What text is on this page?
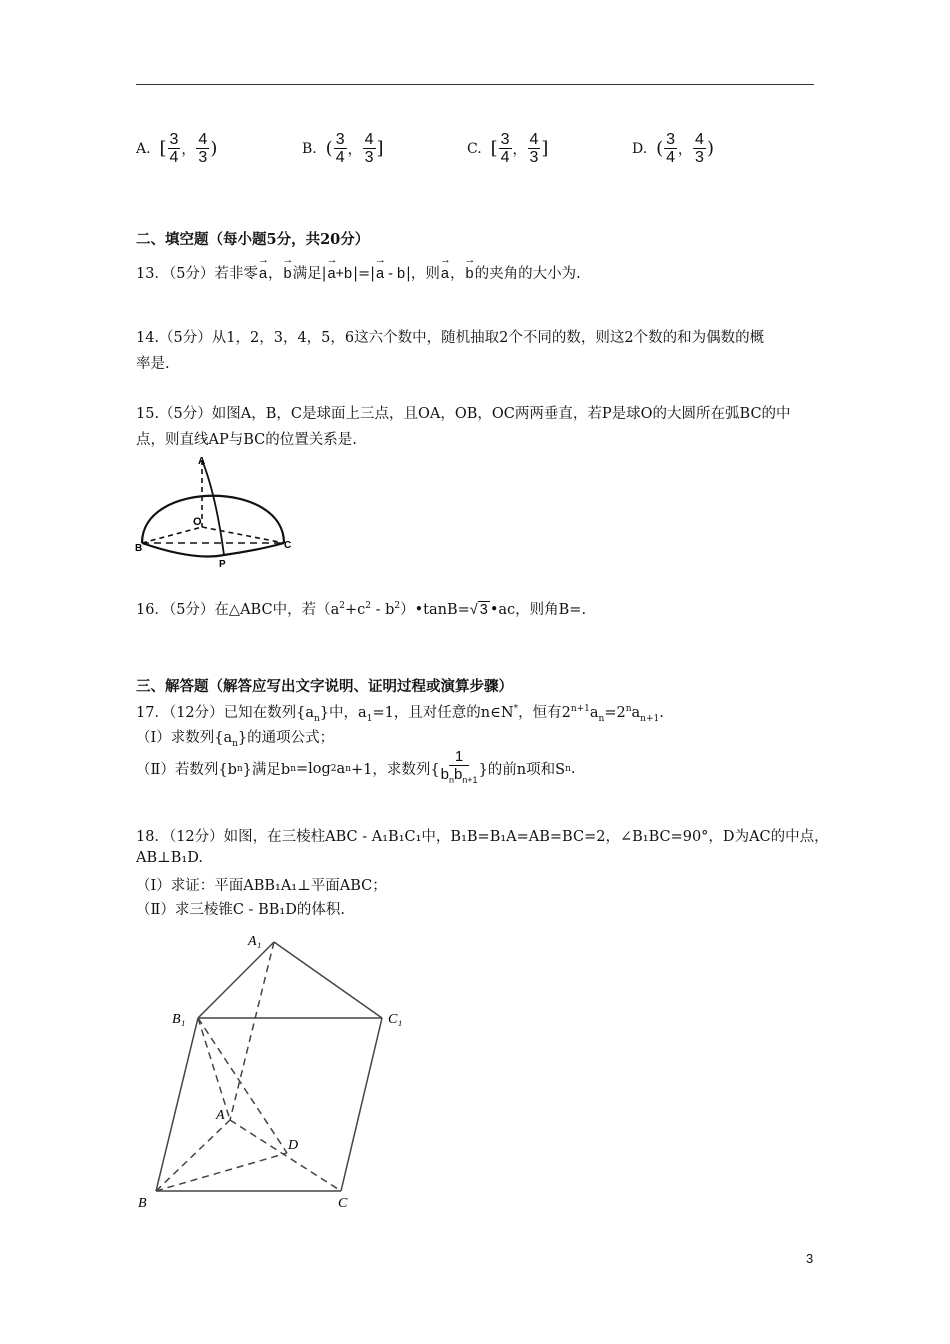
A.
[ $\frac{3}{4}$ ， $\frac{4}{3}$ )	B.
( $\frac{3}{4}$ ， $\frac{4}{3}$ ]	C.
[ $\frac{3}{4}$ ， $\frac{4}{3}$ ]	D.
( $\frac{3}{4}$ ， $\frac{4}{3}$ )
二、填空题（每小题5分，共20分）
13．（5分）若非零→ a，→ b满足|→ a+b|=|→ a - b|，则→ a，→ b的夹角的大小为.
14.（5分）从1，2，3，4，5，6这六个数中，随机抽取2个不同的数，则这2个数的和为偶数的概
率是.
15.（5分）如图A，B，C是球面上三点，且OA，OB，OC两两垂直，若P是球O的大圆所在弧BC的中
点，则直线AP与BC的位置关系是.
A
O
B	C
P
16．（5分）在△ABC中，若（$a^2+c^2$ - $b^2)•\tan B=√$ 3 •ac，则角B=.
三、解答题（解答应写出文字说明、证明过程或演算步骤）
17．（12分）已知在数列$\{a_n\}$中，$a_1=1$，且对任意的n∈N*，恒有$2^{n+1}a_n=2^na_{n+1}$.
（Ⅰ）求数列$\{a_n\}$的通项公式；
（Ⅱ）若数列{b n }满足b n =log 2 a n +1，求数列{ $\frac{1}{b_nb_{n+1}}$ }的前n项和S n .
18．（12分）如图，在三棱柱ABC - A₁B₁C₁中，B₁B=B₁A=AB=BC=2，∠B₁BC=90°，D为AC的中点，
AB⊥B₁D.
（Ⅰ）求证：平面ABB₁A₁⊥平面ABC；
（Ⅱ）求三棱锥C - BB₁D的体积.
A₁
B₁	C₁
A
D
B	C
3
